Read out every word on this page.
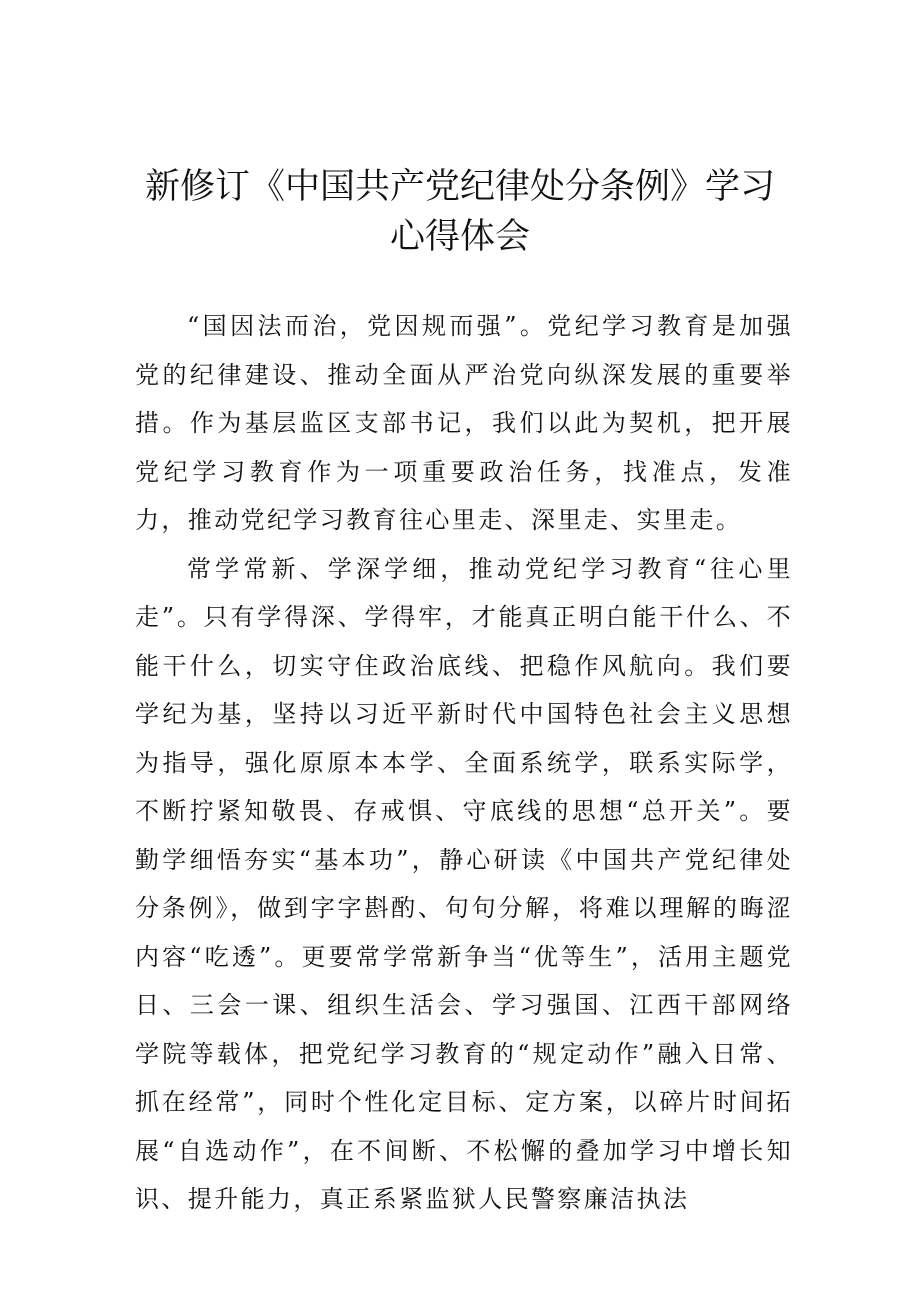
新修订《中国共产党纪律处分条例》学习
心得体会

“国因法而治，党因规而强”。党纪学习教育是加强党的纪律建设、推动全面从严治党向纵深发展的重要举措。作为基层监区支部书记，我们以此为契机，把开展党纪学习教育作为一项重要政治任务，找准点，发准力，推动党纪学习教育往心里走、深里走、实里走。

常学常新、学深学细，推动党纪学习教育“往心里走”。只有学得深、学得牢，才能真正明白能干什么、不能干什么，切实守住政治底线、把稳作风航向。我们要学纪为基，坚持以习近平新时代中国特色社会主义思想为指导，强化原原本本学、全面系统学，联系实际学，不断拧紧知敬畏、存戒惧、守底线的思想“总开关”。要勤学细悟夯实“基本功”，静心研读《中国共产党纪律处分条例》，做到字字斟酌、句句分解，将难以理解的晦涩内容“吃透”。更要常学常新争当“优等生”，活用主题党日、三会一课、组织生活会、学习强国、江西干部网络学院等载体，把党纪学习教育的“规定动作”融入日常、抓在经常”，同时个性化定目标、定方案，以碎片时间拓展“自选动作”，在不间断、不松懈的叠加学习中增长知识、提升能力，真正系紧监狱人民警察廉洁执法
